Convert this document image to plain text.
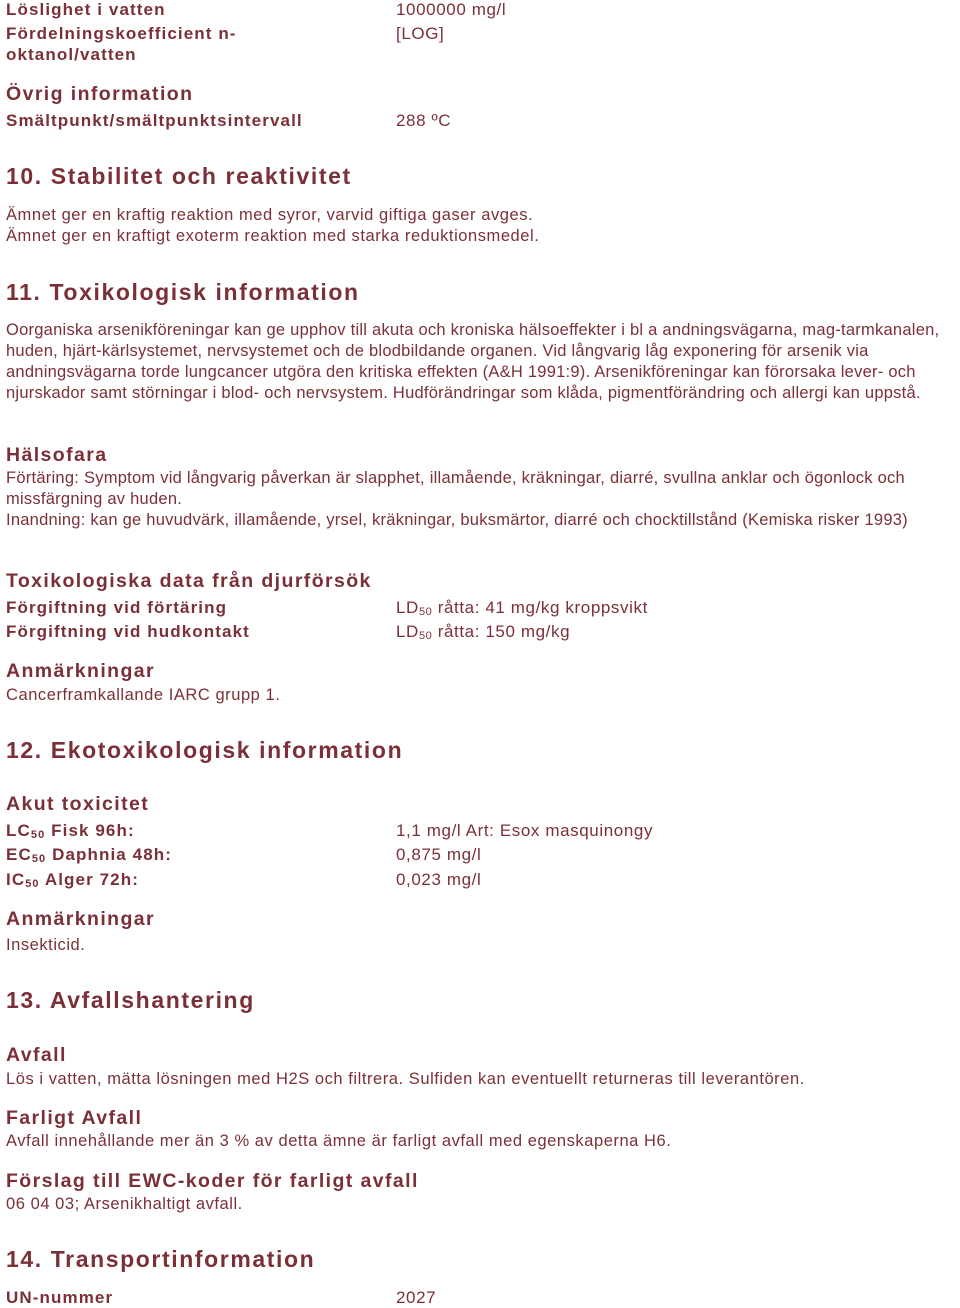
Löslighet i vatten	1000000 mg/l
Fördelningskoefficient n-	[LOG]
oktanol/vatten
Övrig information
Smältpunkt/smältpunktsintervall	288 ºC
10. Stabilitet och reaktivitet
Ämnet ger en kraftig reaktion med syror, varvid giftiga gaser avges.
Ämnet ger en kraftigt exoterm reaktion med starka reduktionsmedel.
11. Toxikologisk information
Oorganiska arsenikföreningar kan ge upphov till akuta och kroniska hälsoeffekter i bl a andningsvägarna, mag-tarmkanalen, huden, hjärt-kärlsystemet, nervsystemet och de blodbildande organen. Vid långvarig låg exponering för arsenik via andningsvägarna torde lungcancer utgöra den kritiska effekten (A&H 1991:9). Arsenikföreningar kan förorsaka lever- och njurskador samt störningar i blod- och nervsystem. Hudförändringar som klåda, pigmentförändring och allergi kan uppstå.
Hälsofara
Förtäring: Symptom vid långvarig påverkan är slapphet, illamående, kräkningar, diarré, svullna anklar och ögonlock och missfärgning av huden.
Inandning: kan ge huvudvärk, illamående, yrsel, kräkningar, buksmärtor, diarré och chocktillstånd (Kemiska risker 1993)
Toxikologiska data från djurförsök
Förgiftning vid förtäring	$LD_{50}$ råtta: 41 mg/kg kroppsvikt
Förgiftning vid hudkontakt	$LD_{50}$ råtta: 150 mg/kg
Anmärkningar
Cancerframkallande IARC grupp 1.
12. Ekotoxikologisk information
Akut toxicitet
$LC_{50}$ Fisk 96h:	1,1 mg/l Art: Esox masquinongy
$EC_{50}$ Daphnia 48h:	0,875 mg/l
$IC_{50}$ Alger 72h:	0,023 mg/l
Anmärkningar
Insekticid.
13. Avfallshantering
Avfall
Lös i vatten, mätta lösningen med H2S och filtrera. Sulfiden kan eventuellt returneras till leverantören.
Farligt Avfall
Avfall innehållande mer än 3 % av detta ämne är farligt avfall med egenskaperna H6.
Förslag till EWC-koder för farligt avfall
06 04 03; Arsenikhaltigt avfall.
14. Transportinformation
UN-nummer	2027
